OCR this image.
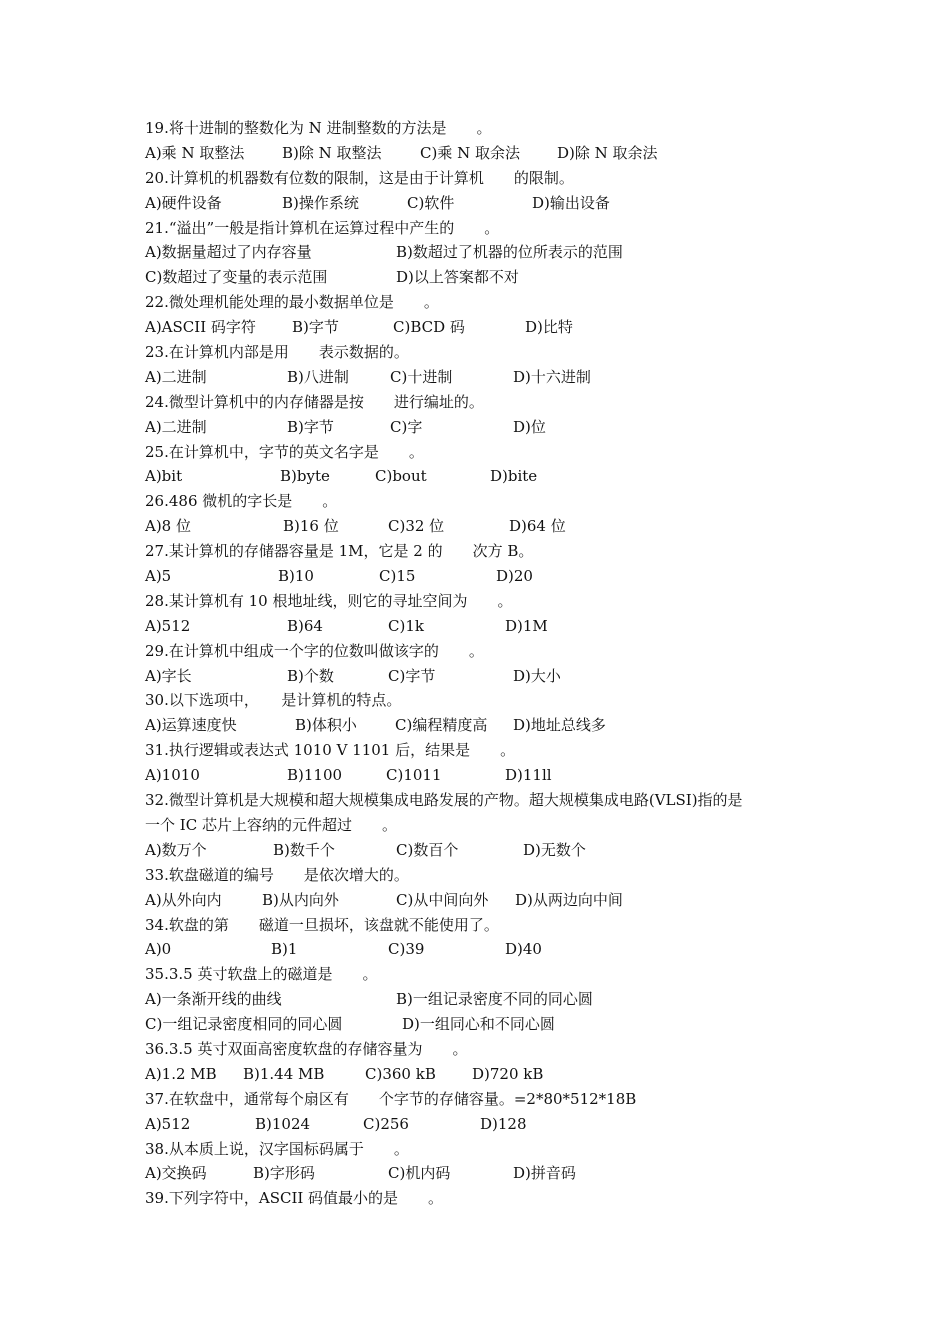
19.将十进制的整数化为 N 进制整数的方法是　　。
A)乘 N 取整法	B)除 N 取整法	C)乘 N 取余法 D)除 N 取余法
20.计算机的机器数有位数的限制，这是由于计算机　　的限制。
A)硬件设备	B)操作系统	C)软件	D)输出设备
21.“溢出”一般是指计算机在运算过程中产生的　　。
A)数据量超过了内存容量	B)数超过了机器的位所表示的范围
C)数超过了变量的表示范围	D)以上答案都不对
22.微处理机能处理的最小数据单位是　　。
A)ASCII 码字符 B)字节	C)BCD 码	D)比特
23.在计算机内部是用　　表示数据的。
A)二进制	B)八进制	C)十进制	D)十六进制
24.微型计算机中的内存储器是按　　进行编址的。
A)二进制	B)字节	C)字	D)位
25.在计算机中，字节的英文名字是　　。
A)bit	B)byte	C)bout	D)bite
26.486 微机的字长是　　。
A)8 位	B)16 位	C)32 位	D)64 位
27.某计算机的存储器容量是 1M，它是 2 的　　次方 B。
A)5	B)10	C)15	D)20
28.某计算机有 10 根地址线，则它的寻址空间为　　。
A)512	B)64	C)1k	D)1M
29.在计算机中组成一个字的位数叫做该字的　　。
A)字长	B)个数	C)字节	D)大小
30.以下选项中，　　是计算机的特点。
A)运算速度快	B)体积小	C)编程精度高 D)地址总线多
31.执行逻辑或表达式 1010 V 1101 后，结果是　　。
A)1010	B)1100	C)1011	D)11ll
32.微型计算机是大规模和超大规模集成电路发展的产物。超大规模集成电路(VLSI)指的是
一个 IC 芯片上容纳的元件超过　　。
A)数万个	B)数千个	C)数百个	D)无数个
33.软盘磁道的编号　　是依次增大的。
A)从外向内	B)从内向外	C)从中间向外 D)从两边向中间
34.软盘的第　　磁道一旦损坏，该盘就不能使用了。
A)0	B)1	C)39	D)40
35.3.5 英寸软盘上的磁道是　　。
A)一条渐开线的曲线	B)一组记录密度不同的同心圆
C)一组记录密度相同的同心圆	D)一组同心和不同心圆
36.3.5 英寸双面高密度软盘的存储容量为　　。
A)1.2 MB B)1.44 MB	C)360 kB D)720 kB
37.在软盘中，通常每个扇区有　　个字节的存储容量。=2*80*512*18B
A)512	B)1024	C)256	D)128
38.从本质上说，汉字国标码属于　　。
A)交换码	B)字形码	C)机内码	D)拼音码
39.下列字符中，ASCII 码值最小的是　　。
